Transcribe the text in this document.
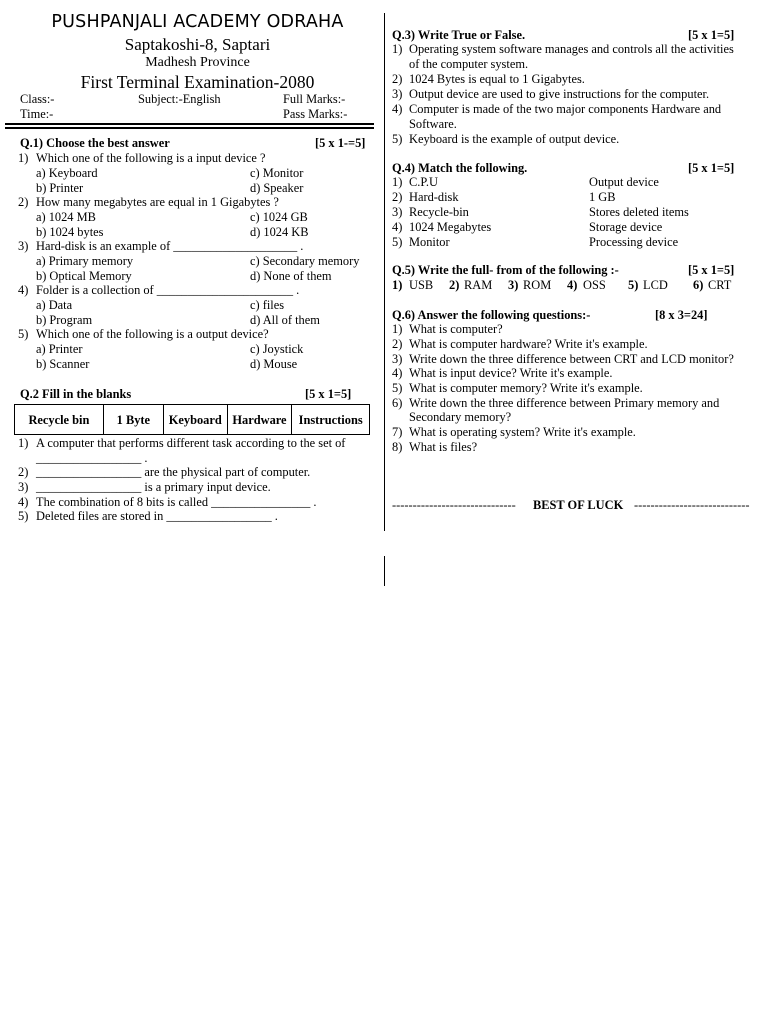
PUSHPANJALI ACADEMY ODRAHA
Saptakoshi-8, Saptari
Madhesh Province
First Terminal Examination-2080
Class:-	Subject:-English	Full Marks:-
Time:-	Pass Marks:-
Q.1) Choose the best answer	[5 x 1-=5]
1) Which one of the following is a input device ?
a) Keyboard	c) Monitor
b) Printer	d) Speaker
2) How many megabytes are equal in 1 Gigabytes ?
a) 1024 MB	c) 1024 GB
b) 1024 bytes	d) 1024 KB
3) Hard-disk is an example of ____________________ .
a) Primary memory	c) Secondary memory
b) Optical Memory	d) None of them
4) Folder is a collection of ______________________ .
a) Data	c) files
b) Program	d) All of them
5) Which one of the following is a output device?
a) Printer	c) Joystick
b) Scanner	d) Mouse
Q.2 Fill in the blanks	[5 x 1=5]
Recycle bin	1 Byte	Keyboard	Hardware	Instructions
1) A computer that performs different task according to the set of
_________________ .
2) _________________ are the physical part of computer.
3) _________________ is a primary input device.
4) The combination of 8 bits is called ________________ .
5) Deleted files are stored in _________________ .
Q.3) Write True or False.	[5 x 1=5]
1) Operating system software manages and controls all the activities
of the computer system.
2) 1024 Bytes is equal to 1 Gigabytes.
3) Output device are used to give instructions for the computer.
4) Computer is made of the two major components Hardware and
Software.
5) Keyboard is the example of output device.
Q.4) Match the following.	[5 x 1=5]
1) C.P.U	Output device
2) Hard-disk	1 GB
3) Recycle-bin	Stores deleted items
4) 1024 Megabytes	Storage device
5) Monitor	Processing device
Q.5) Write the full- from of the following :-	[5 x 1=5]
1) USB 2) RAM 3) ROM 4) OSS 5) LCD 6) CRT
Q.6) Answer the following questions:-	[8 x 3=24]
1) What is computer?
2) What is computer hardware? Write it's example.
3) Write down the three difference between CRT and LCD monitor?
4) What is input device? Write it's example.
5) What is computer memory? Write it's example.
6) Write down the three difference between Primary memory and
Secondary memory?
7) What is operating system? Write it's example.
8) What is files?
------------------------------ BEST OF LUCK ----------------------------
